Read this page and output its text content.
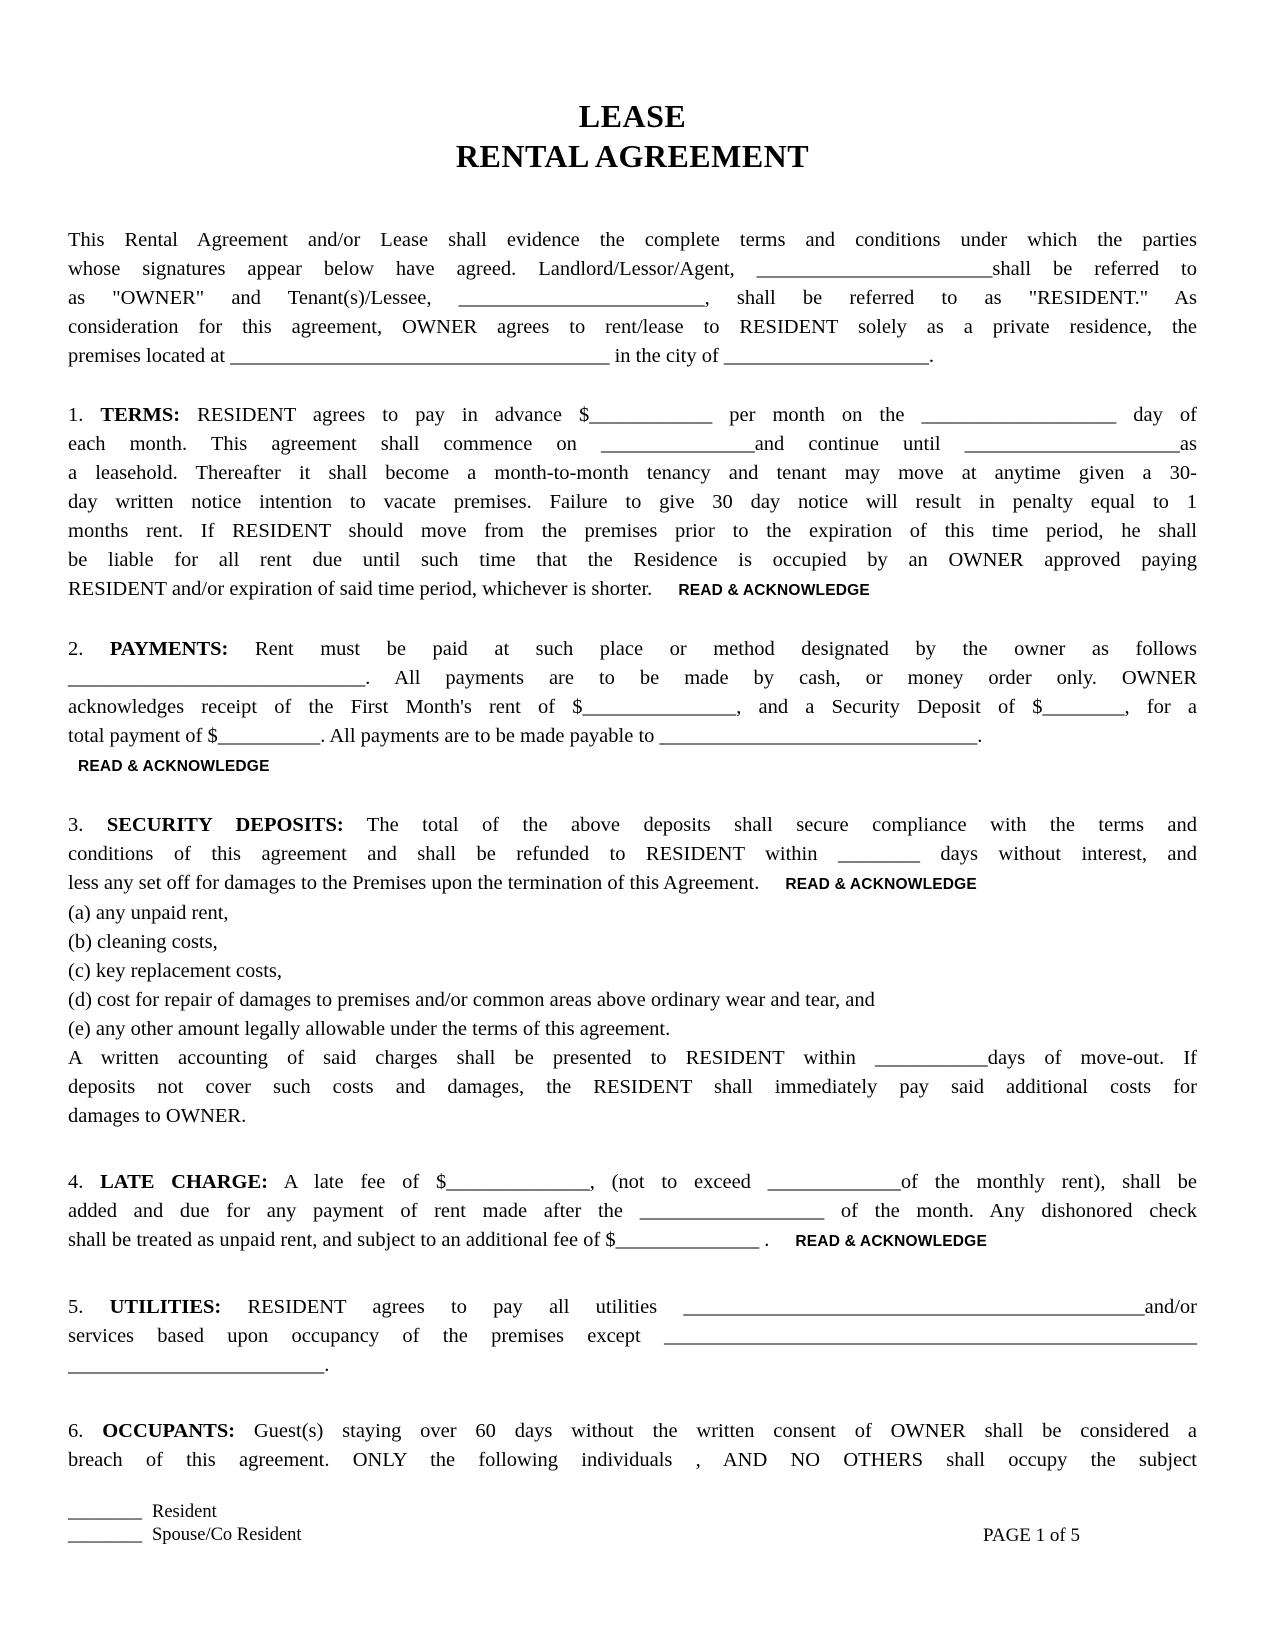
LEASE
RENTAL AGREEMENT
This Rental Agreement and/or Lease shall evidence the complete terms and conditions under which the parties
whose signatures appear below have agreed. Landlord/Lessor/Agent, _______________________shall be referred to
as "OWNER" and Tenant(s)/Lessee, ________________________, shall be referred to as "RESIDENT." As
consideration for this agreement, OWNER agrees to rent/lease to RESIDENT solely as a private residence, the
premises located at _____________________________________ in the city of ____________________.
1. TERMS: RESIDENT agrees to pay in advance $____________ per month on the ___________________ day of
each month. This agreement shall commence on _______________and continue until _____________________as
a leasehold. Thereafter it shall become a month-to-month tenancy and tenant may move at anytime given a 30-
day written notice intention to vacate premises. Failure to give 30 day notice will result in penalty equal to 1
months rent. If RESIDENT should move from the premises prior to the expiration of this time period, he shall
be liable for all rent due until such time that the Residence is occupied by an OWNER approved paying
RESIDENT and/or expiration of said time period, whichever is shorter. READ & ACKNOWLEDGE
2. PAYMENTS: Rent must be paid at such place or method designated by the owner as follows
_____________________________. All payments are to be made by cash, or money order only. OWNER
acknowledges receipt of the First Month's rent of $_______________, and a Security Deposit of $________, for a
total payment of $__________. All payments are to be made payable to _______________________________.
READ & ACKNOWLEDGE
3. SECURITY DEPOSITS: The total of the above deposits shall secure compliance with the terms and
conditions of this agreement and shall be refunded to RESIDENT within ________ days without interest, and
less any set off for damages to the Premises upon the termination of this Agreement. READ & ACKNOWLEDGE
(a) any unpaid rent,
(b) cleaning costs,
(c) key replacement costs,
(d) cost for repair of damages to premises and/or common areas above ordinary wear and tear, and
(e) any other amount legally allowable under the terms of this agreement.
A written accounting of said charges shall be presented to RESIDENT within ___________days of move-out. If
deposits not cover such costs and damages, the RESIDENT shall immediately pay said additional costs for
damages to OWNER.
4. LATE CHARGE: A late fee of $______________, (not to exceed _____________of the monthly rent), shall be
added and due for any payment of rent made after the __________________ of the month. Any dishonored check
shall be treated as unpaid rent, and subject to an additional fee of $______________ . READ & ACKNOWLEDGE
5. UTILITIES: RESIDENT agrees to pay all utilities _____________________________________________and/or
services based upon occupancy of the premises except ____________________________________________________
_________________________.
6. OCCUPANTS: Guest(s) staying over 60 days without the written consent of OWNER shall be considered a
breach of this agreement. ONLY the following individuals , AND NO OTHERS shall occupy the subject
________ Resident
________ Spouse/Co Resident	PAGE 1 of 5
